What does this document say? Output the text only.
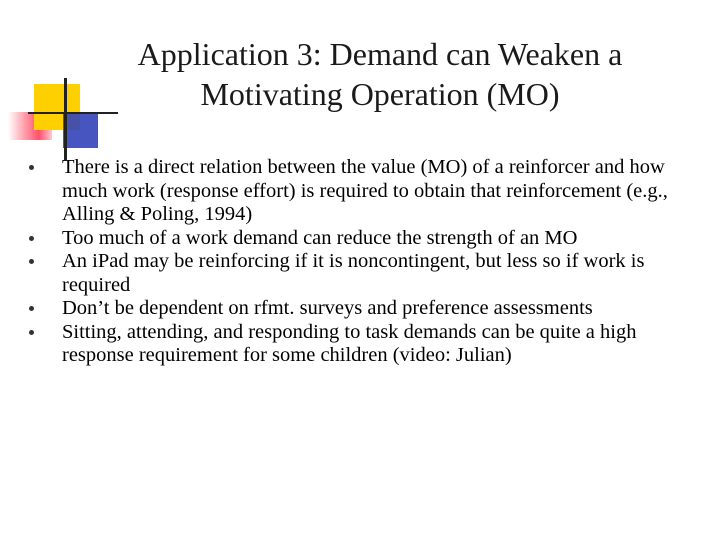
Application 3: Demand can Weaken a
Motivating Operation (MO)
There is a direct relation between the value (MO) of a reinforcer and how much work (response effort) is required to obtain that reinforcement (e.g., Alling & Poling, 1994)
Too much of a work demand can reduce the strength of an MO
An iPad may be reinforcing if it is noncontingent, but less so if work is required
Don’t be dependent on rfmt. surveys and preference assessments
Sitting, attending, and responding to task demands can be quite a high response requirement for some children (video: Julian)
